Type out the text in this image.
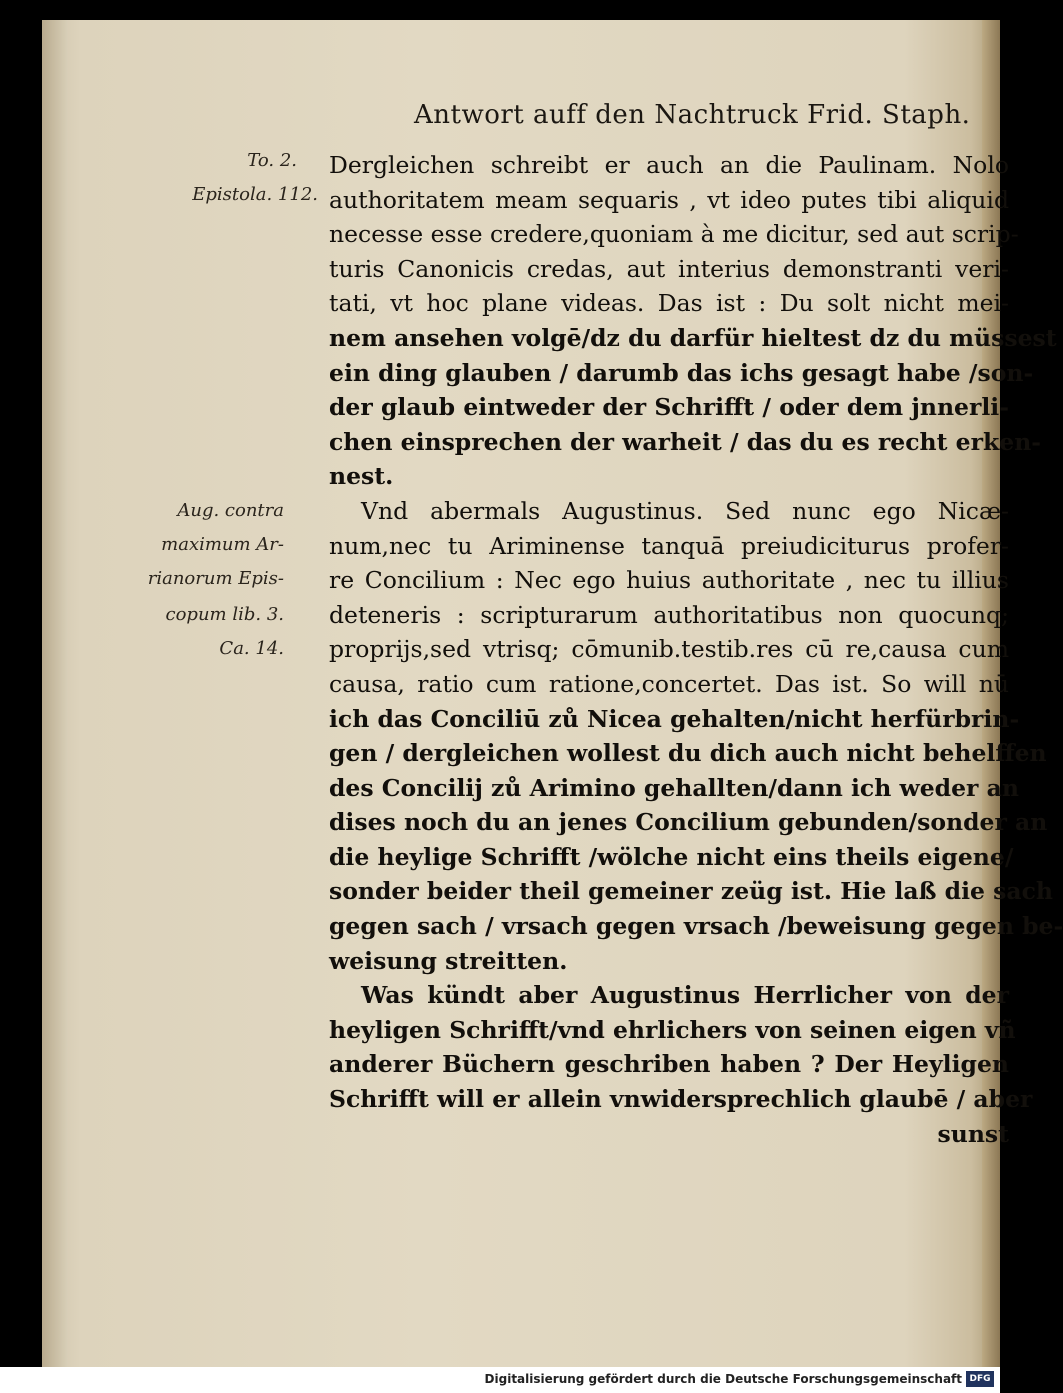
Antwort auff den Nachtruck Frid. Staph.
To. 2.
Epistola. 112.
Aug. contra
maximum Ar-
rianorum Epis-
copum lib. 3.
Ca. 14.
Dergleichen schreibt er auch an die Paulinam. Nolo
authoritatem meam sequaris , vt ideo putes tibi aliquid
necesse esse credere,quoniam à me dicitur, sed aut scrip-
turis Canonicis credas, aut interius demonstranti veri-
tati, vt hoc plane videas. Das ist : Du solt nicht mei-
nem ansehen volgē/dz du darfür hieltest dz du müssest
ein ding glauben / darumb das ichs gesagt habe /son-
der glaub eintweder der Schrifft / oder dem jnnerli-
chen einsprechen der warheit / das du es recht erken-
nest.
Vnd abermals Augustinus. Sed nunc ego Nicæ-
num,nec tu Ariminense tanquā preiudiciturus profer-
re Concilium : Nec ego huius authoritate , nec tu illius
deteneris : scripturarum authoritatibus non quocunq;
proprijs,sed vtrisq; cōmunib.testib.res cū re,causa cum
causa, ratio cum ratione,concertet. Das ist. So will nū
ich das Conciliū zů Nicea gehalten/nicht herfürbrin-
gen / dergleichen wollest du dich auch nicht behelffen
des Concilij zů Arimino gehallten/dann ich weder an
dises noch du an jenes Concilium gebunden/sonder an
die heylige Schrifft /wölche nicht eins theils eigene/
sonder beider theil gemeiner zeüg ist. Hie laß die sach
gegen sach / vrsach gegen vrsach /beweisung gegen be-
weisung streitten.
Was kündt aber Augustinus Herrlicher von der
heyligen Schrifft/vnd ehrlichers von seinen eigen vñ
anderer Büchern geschriben haben ? Der Heyligen
Schrifft will er allein vnwidersprechlich glaubē / aber
sunst
Digitalisierung gefördert durch die Deutsche Forschungsgemeinschaft DFG
